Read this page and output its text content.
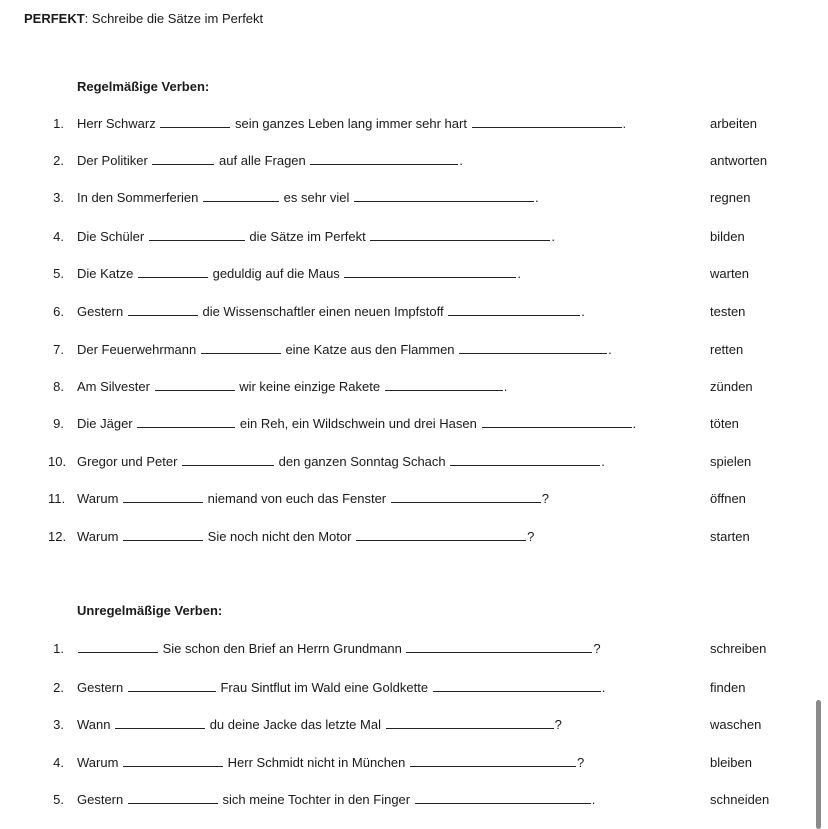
PERFEKT: Schreibe die Sätze im Perfekt
Regelmäßige Verben:
1. Herr Schwarz	sein ganzes Leben lang immer sehr hart	.	arbeiten
2. Der Politiker	auf alle Fragen	.	antworten
3. In den Sommerferien	es sehr viel	.	regnen
4. Die Schüler	die Sätze im Perfekt	.	bilden
5. Die Katze	geduldig auf die Maus	.	warten
6. Gestern	die Wissenschaftler einen neuen Impfstoff	.	testen
7. Der Feuerwehrmann	eine Katze aus den Flammen	.	retten
8. Am Silvester	wir keine einzige Rakete	.	zünden
9. Die Jäger	ein Reh, ein Wildschwein und drei Hasen	.	töten
10. Gregor und Peter	den ganzen Sonntag Schach	.	spielen
11. Warum	niemand von euch das Fenster	?	öffnen
12. Warum	Sie noch nicht den Motor	?	starten
Unregelmäßige Verben:
1.	Sie schon den Brief an Herrn Grundmann	?	schreiben
2. Gestern	Frau Sintflut im Wald eine Goldkette	.	finden
3. Wann	du deine Jacke das letzte Mal	?	waschen
4. Warum	Herr Schmidt nicht in München	?	bleiben
5. Gestern	sich meine Tochter in den Finger	.	schneiden
